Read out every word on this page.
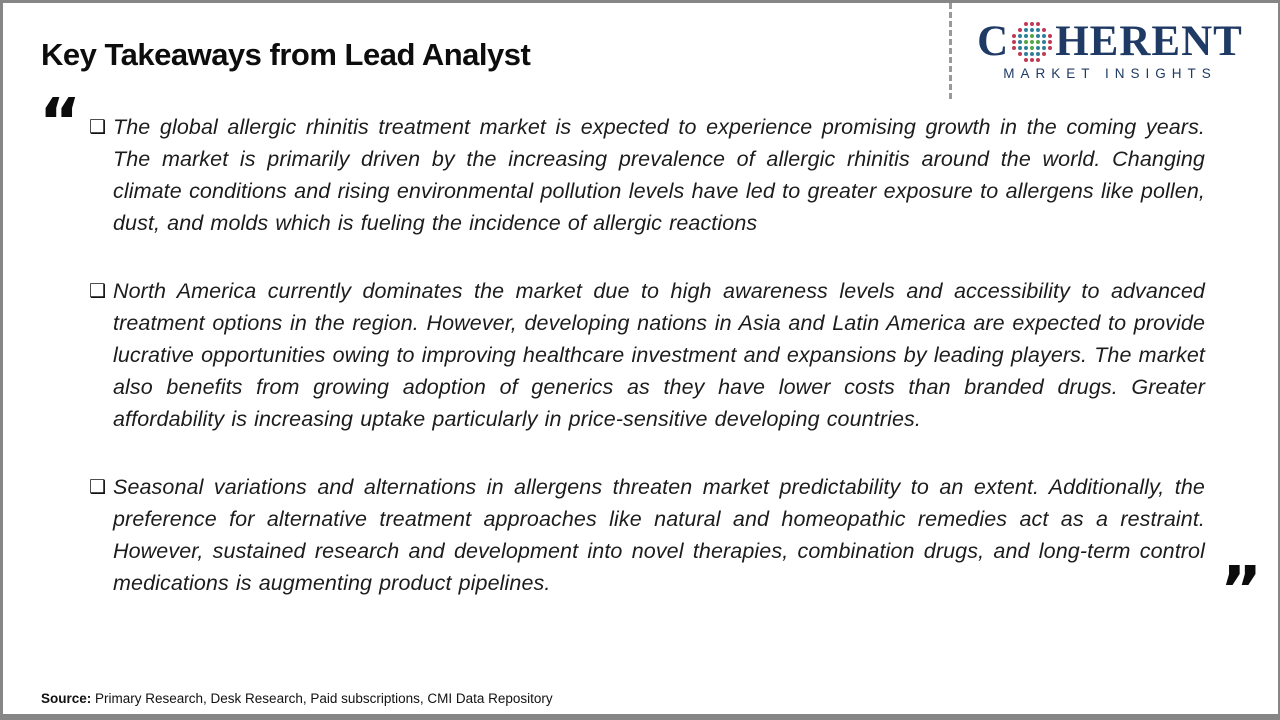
Key Takeaways from Lead Analyst	C HERENT
MARKET INSIGHTS
“ ❑ The global allergic rhinitis treatment market is expected to experience promising growth in the coming years. The market is primarily driven by the increasing prevalence of allergic rhinitis around the world. Changing climate conditions and rising environmental pollution levels have led to greater exposure to allergens like pollen, dust, and molds which is fueling the incidence of allergic reactions

❑ North America currently dominates the market due to high awareness levels and accessibility to advanced treatment options in the region. However, developing nations in Asia and Latin America are expected to provide lucrative opportunities owing to improving healthcare investment and expansions by leading players. The market also benefits from growing adoption of generics as they have lower costs than branded drugs. Greater affordability is increasing uptake particularly in price-sensitive developing countries.

❑ Seasonal variations and alternations in allergens threaten market predictability to an extent. Additionally, the preference for alternative treatment approaches like natural and homeopathic remedies act as a restraint. However, sustained research and development into novel therapies, combination drugs, and long-term control medications is augmenting product pipelines.	”
Source: Primary Research, Desk Research, Paid subscriptions, CMI Data Repository
